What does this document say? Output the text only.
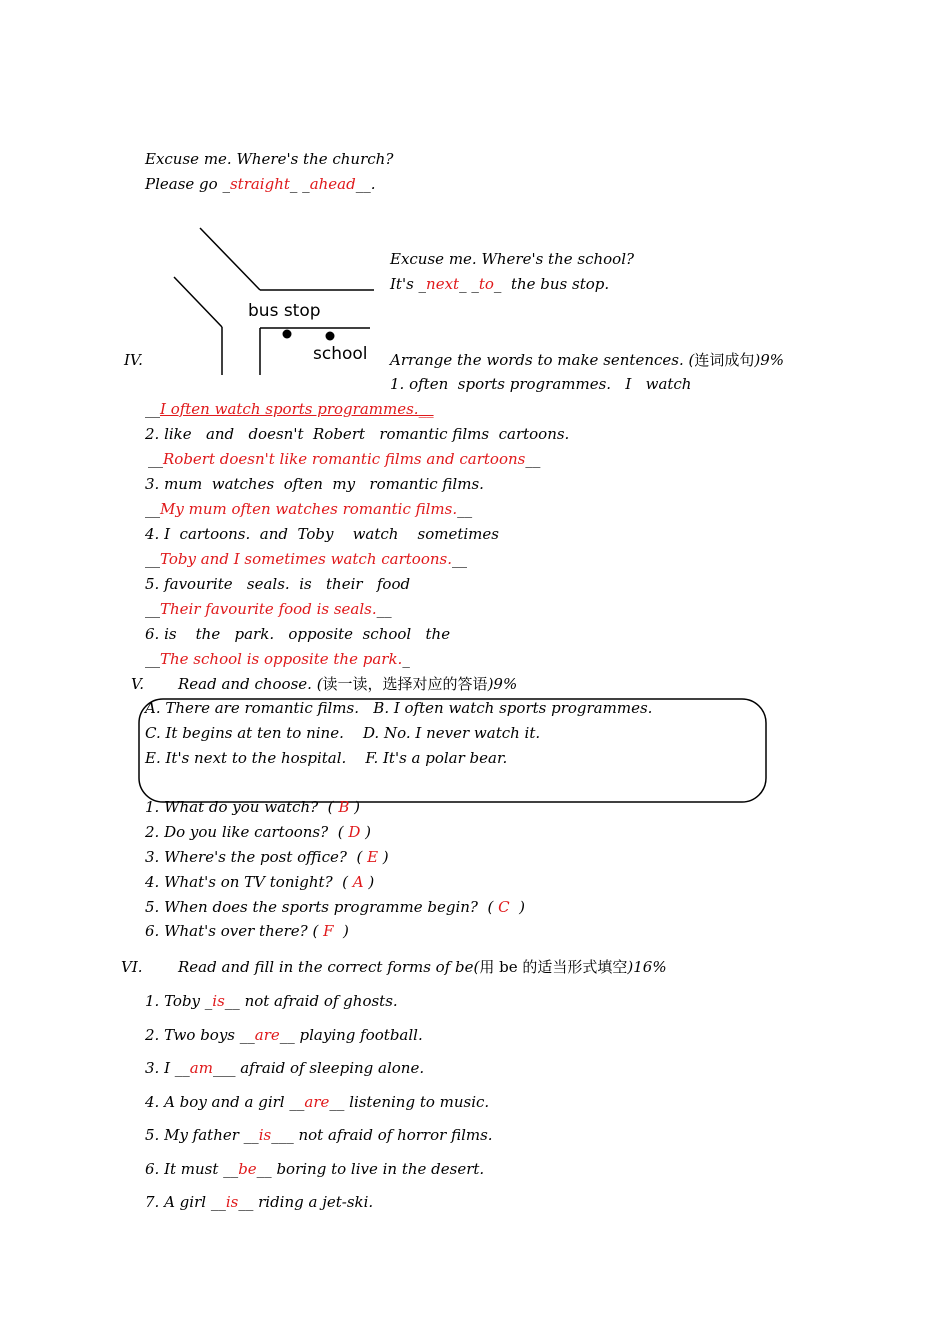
Excuse me. Where's the church?
Please go _straight_ _ahead__.
bus stop
school
Excuse me. Where's the school?
It's _next_ _to_  the bus stop.
IV.	Arrange the words to make sentences. (连词成句)9%
1. often  sports programmes.   I   watch
__I often watch sports programmes.__
2. like   and   doesn't  Robert   romantic films  cartoons.
__Robert doesn't like romantic films and cartoons__
3. mum  watches  often  my   romantic films.
__My mum often watches romantic films.__
4. I  cartoons.  and  Toby    watch    sometimes
__Toby and I sometimes watch cartoons.__
5. favourite   seals.  is   their   food
__Their favourite food is seals.__
6. is    the   park.   opposite  school   the
__The school is opposite the park._
V. Read and choose. (读一读，选择对应的答语)9%
A. There are romantic films.   B. I often watch sports programmes.
C. It begins at ten to nine.    D. No. I never watch it.
E. It's next to the hospital.    F. It's a polar bear.
1. What do you watch?  ( B )
2. Do you like cartoons?  ( D )
3. Where's the post office?  ( E )
4. What's on TV tonight?  ( A )
5. When does the sports programme begin?  ( C  )
6. What's over there? ( F  )
VI. Read and fill in the correct forms of be(用 be 的适当形式填空)16%
1. Toby _is__ not afraid of ghosts.
2. Two boys __are__ playing football.
3. I __am___ afraid of sleeping alone.
4. A boy and a girl __are__ listening to music.
5. My father __is___ not afraid of horror films.
6. It must __be__ boring to live in the desert.
7. A girl __is__ riding a jet-ski.
